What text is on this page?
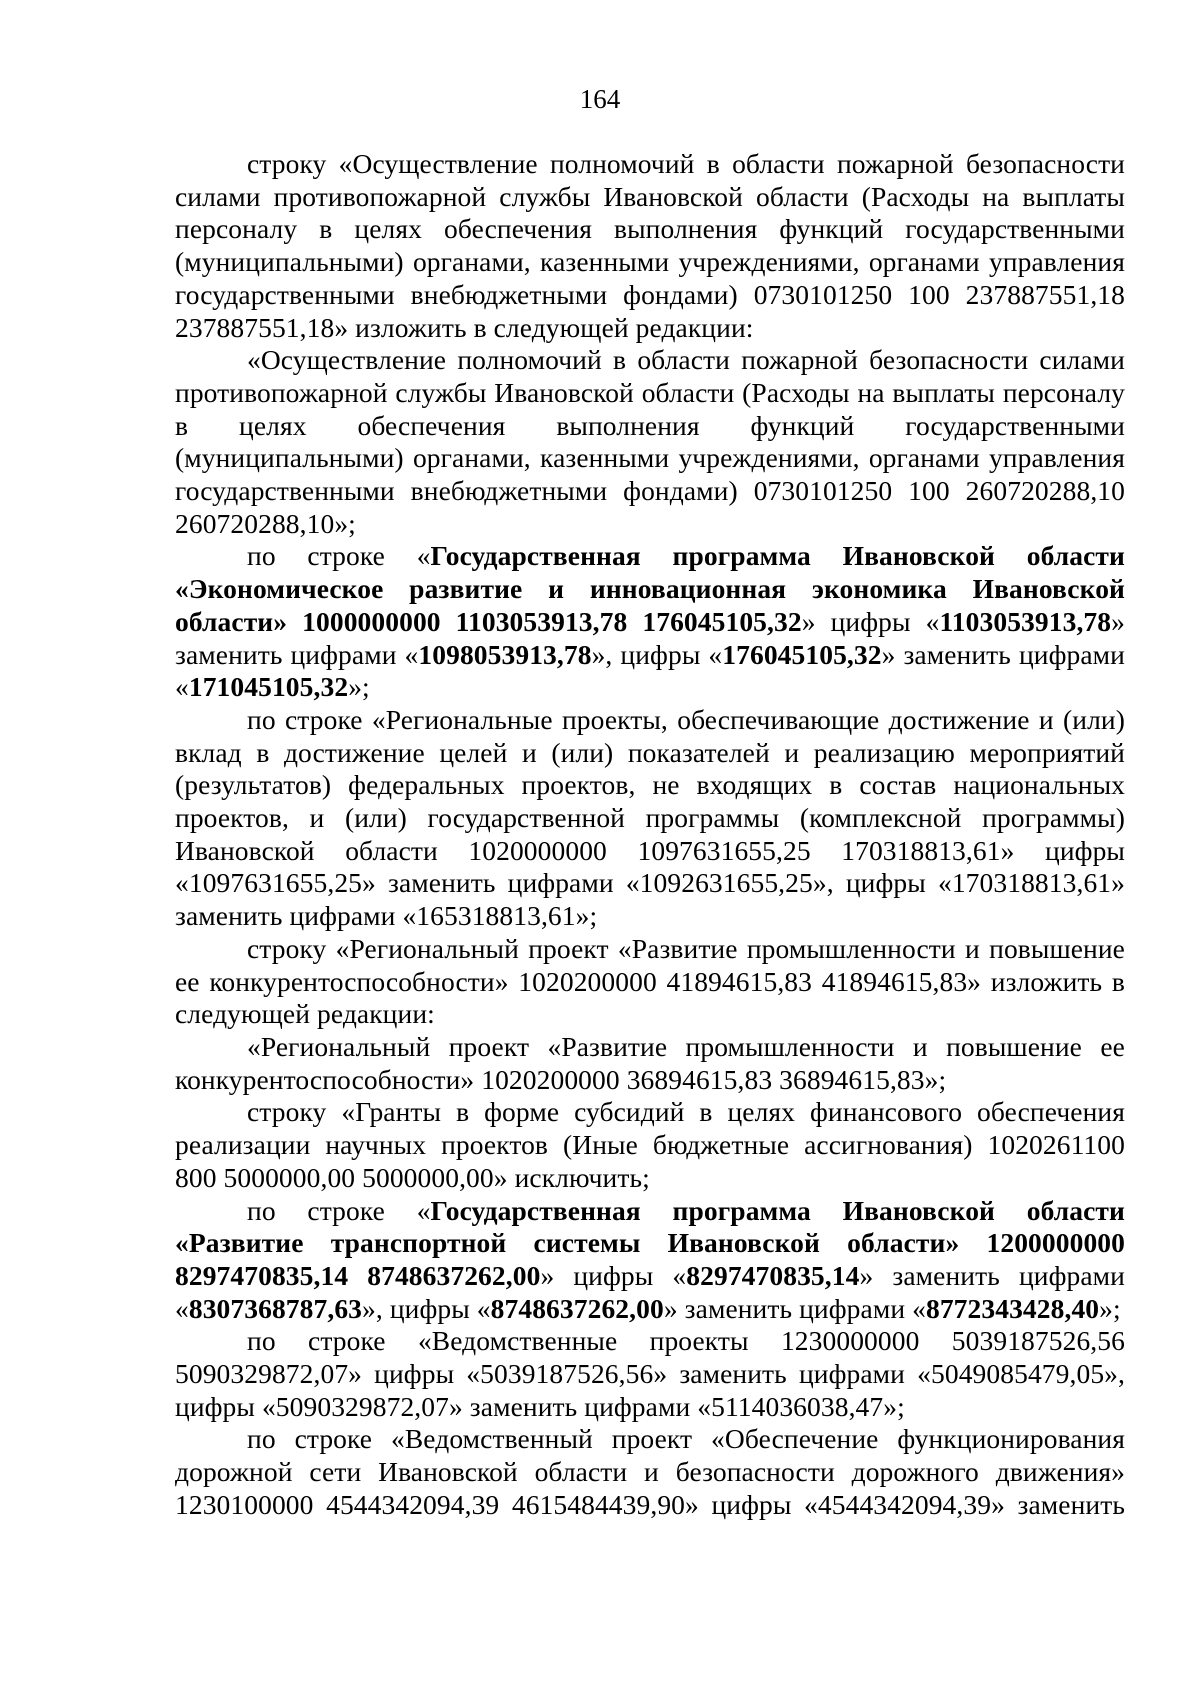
164

строку «Осуществление полномочий в области пожарной безопасности силами противопожарной службы Ивановской области (Расходы на выплаты персоналу в целях обеспечения выполнения функций государственными (муниципальными) органами, казенными учреждениями, органами управления государственными внебюджетными фондами) 0730101250 100 237887551,18 237887551,18» изложить в следующей редакции:

«Осуществление полномочий в области пожарной безопасности силами противопожарной службы Ивановской области (Расходы на выплаты персоналу в целях обеспечения выполнения функций государственными (муниципальными) органами, казенными учреждениями, органами управления государственными внебюджетными фондами) 0730101250 100 260720288,10 260720288,10»;

по строке «Государственная программа Ивановской области «Экономическое развитие и инновационная экономика Ивановской области» 1000000000 1103053913,78 176045105,32» цифры «1103053913,78» заменить цифрами «1098053913,78», цифры «176045105,32» заменить цифрами «171045105,32»;

по строке «Региональные проекты, обеспечивающие достижение и (или) вклад в достижение целей и (или) показателей и реализацию мероприятий (результатов) федеральных проектов, не входящих в состав национальных проектов, и (или) государственной программы (комплексной программы) Ивановской области 1020000000 1097631655,25 170318813,61» цифры «1097631655,25» заменить цифрами «1092631655,25», цифры «170318813,61» заменить цифрами «165318813,61»;

строку «Региональный проект «Развитие промышленности и повышение ее конкурентоспособности» 1020200000 41894615,83 41894615,83» изложить в следующей редакции:

«Региональный проект «Развитие промышленности и повышение ее конкурентоспособности» 1020200000 36894615,83 36894615,83»;

строку «Гранты в форме субсидий в целях финансового обеспечения реализации научных проектов (Иные бюджетные ассигнования) 1020261100 800 5000000,00 5000000,00» исключить;

по строке «Государственная программа Ивановской области «Развитие транспортной системы Ивановской области» 1200000000 8297470835,14 8748637262,00» цифры «8297470835,14» заменить цифрами «8307368787,63», цифры «8748637262,00» заменить цифрами «8772343428,40»;

по строке «Ведомственные проекты 1230000000 5039187526,56 5090329872,07» цифры «5039187526,56» заменить цифрами «5049085479,05», цифры «5090329872,07» заменить цифрами «5114036038,47»;

по строке «Ведомственный проект «Обеспечение функционирования дорожной сети Ивановской области и безопасности дорожного движения» 1230100000 4544342094,39 4615484439,90» цифры «4544342094,39» заменить
